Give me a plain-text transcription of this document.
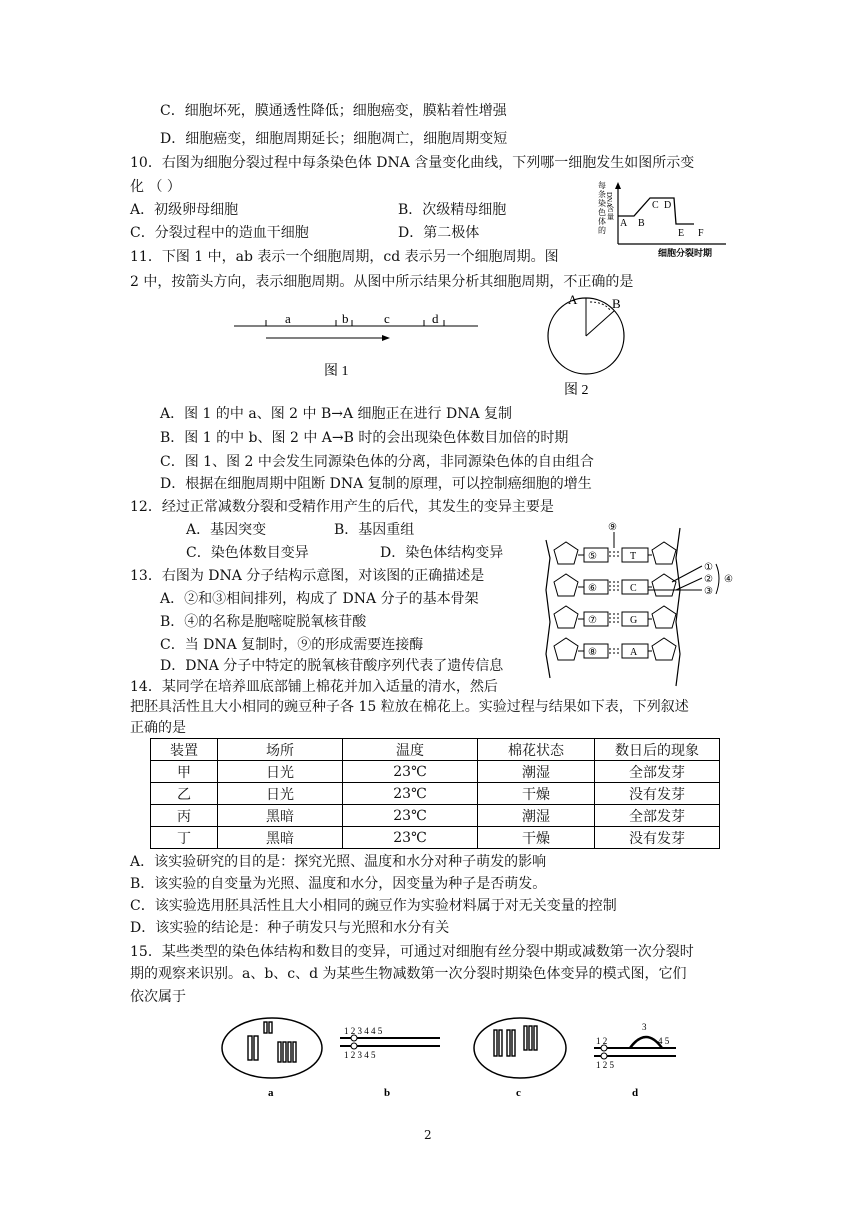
C．细胞坏死，膜通透性降低；细胞癌变，膜粘着性增强
D．细胞癌变，细胞周期延长；细胞凋亡，细胞周期变短
10．右图为细胞分裂过程中每条染色体 DNA 含量变化曲线，下列哪一细胞发生如图所示变
化 （ ）
A．初级卵母细胞	B．次级精母细胞
C．分裂过程中的造血干细胞	D．第二极体
每
条
染
色
体
的
DNA
含
量
A B
C D
E F
细胞分裂时期
11．下图 1 中，ab 表示一个细胞周期，cd 表示另一个细胞周期。图
2 中，按箭头方向，表示细胞周期。从图中所示结果分析其细胞周期，不正确的是
a	b	c	d
图 1
A	B
图 2
A．图 1 的中 a、图 2 中 B→A 细胞正在进行 DNA 复制
B．图 1 的中 b、图 2 中 A→B 时的会出现染色体数目加倍的时期
C．图 1、图 2 中会发生同源染色体的分离，非同源染色体的自由组合
D．根据在细胞周期中阻断 DNA 复制的原理，可以控制癌细胞的增生
12．经过正常减数分裂和受精作用产生的后代，其发生的变异主要是
A．基因突变	B．基因重组
C．染色体数目变异	D．染色体结构变异
13．右图为 DNA 分子结构示意图，对该图的正确描述是
A．②和③相间排列，构成了 DNA 分子的基本骨架
B．④的名称是胞嘧啶脱氧核苷酸
C．当 DNA 复制时，⑨的形成需要连接酶
D．DNA 分子中特定的脱氧核苷酸序列代表了遗传信息
⑤
⑥
⑦
⑧
T
C
G
A
⑨
①
②
③
④
14．某同学在培养皿底部铺上棉花并加入适量的清水，然后
把胚具活性且大小相同的豌豆种子各 15 粒放在棉花上。实验过程与结果如下表，下列叙述
正确的是
装置	场所	温度	棉花状态	数日后的现象
甲	日光	23℃	潮湿	全部发芽
乙	日光	23℃	干燥	没有发芽
丙	黑暗	23℃	潮湿	全部发芽
丁	黑暗	23℃	干燥	没有发芽
A．该实验研究的目的是：探究光照、温度和水分对种子萌发的影响
B．该实验的自变量为光照、温度和水分，因变量为种子是否萌发。
C．该实验选用胚具活性且大小相同的豌豆作为实验材料属于对无关变量的控制
D．该实验的结论是：种子萌发只与光照和水分有关
15．某些类型的染色体结构和数目的变异，可通过对细胞有丝分裂中期或减数第一次分裂时
期的观察来识别。a、b、c、d 为某些生物减数第一次分裂时期染色体变异的模式图，它们
依次属于
a
1 2 3 4 4 5
1 2 3 4 5
b	c
1 2
3
4 5
1 2 5
d
2
